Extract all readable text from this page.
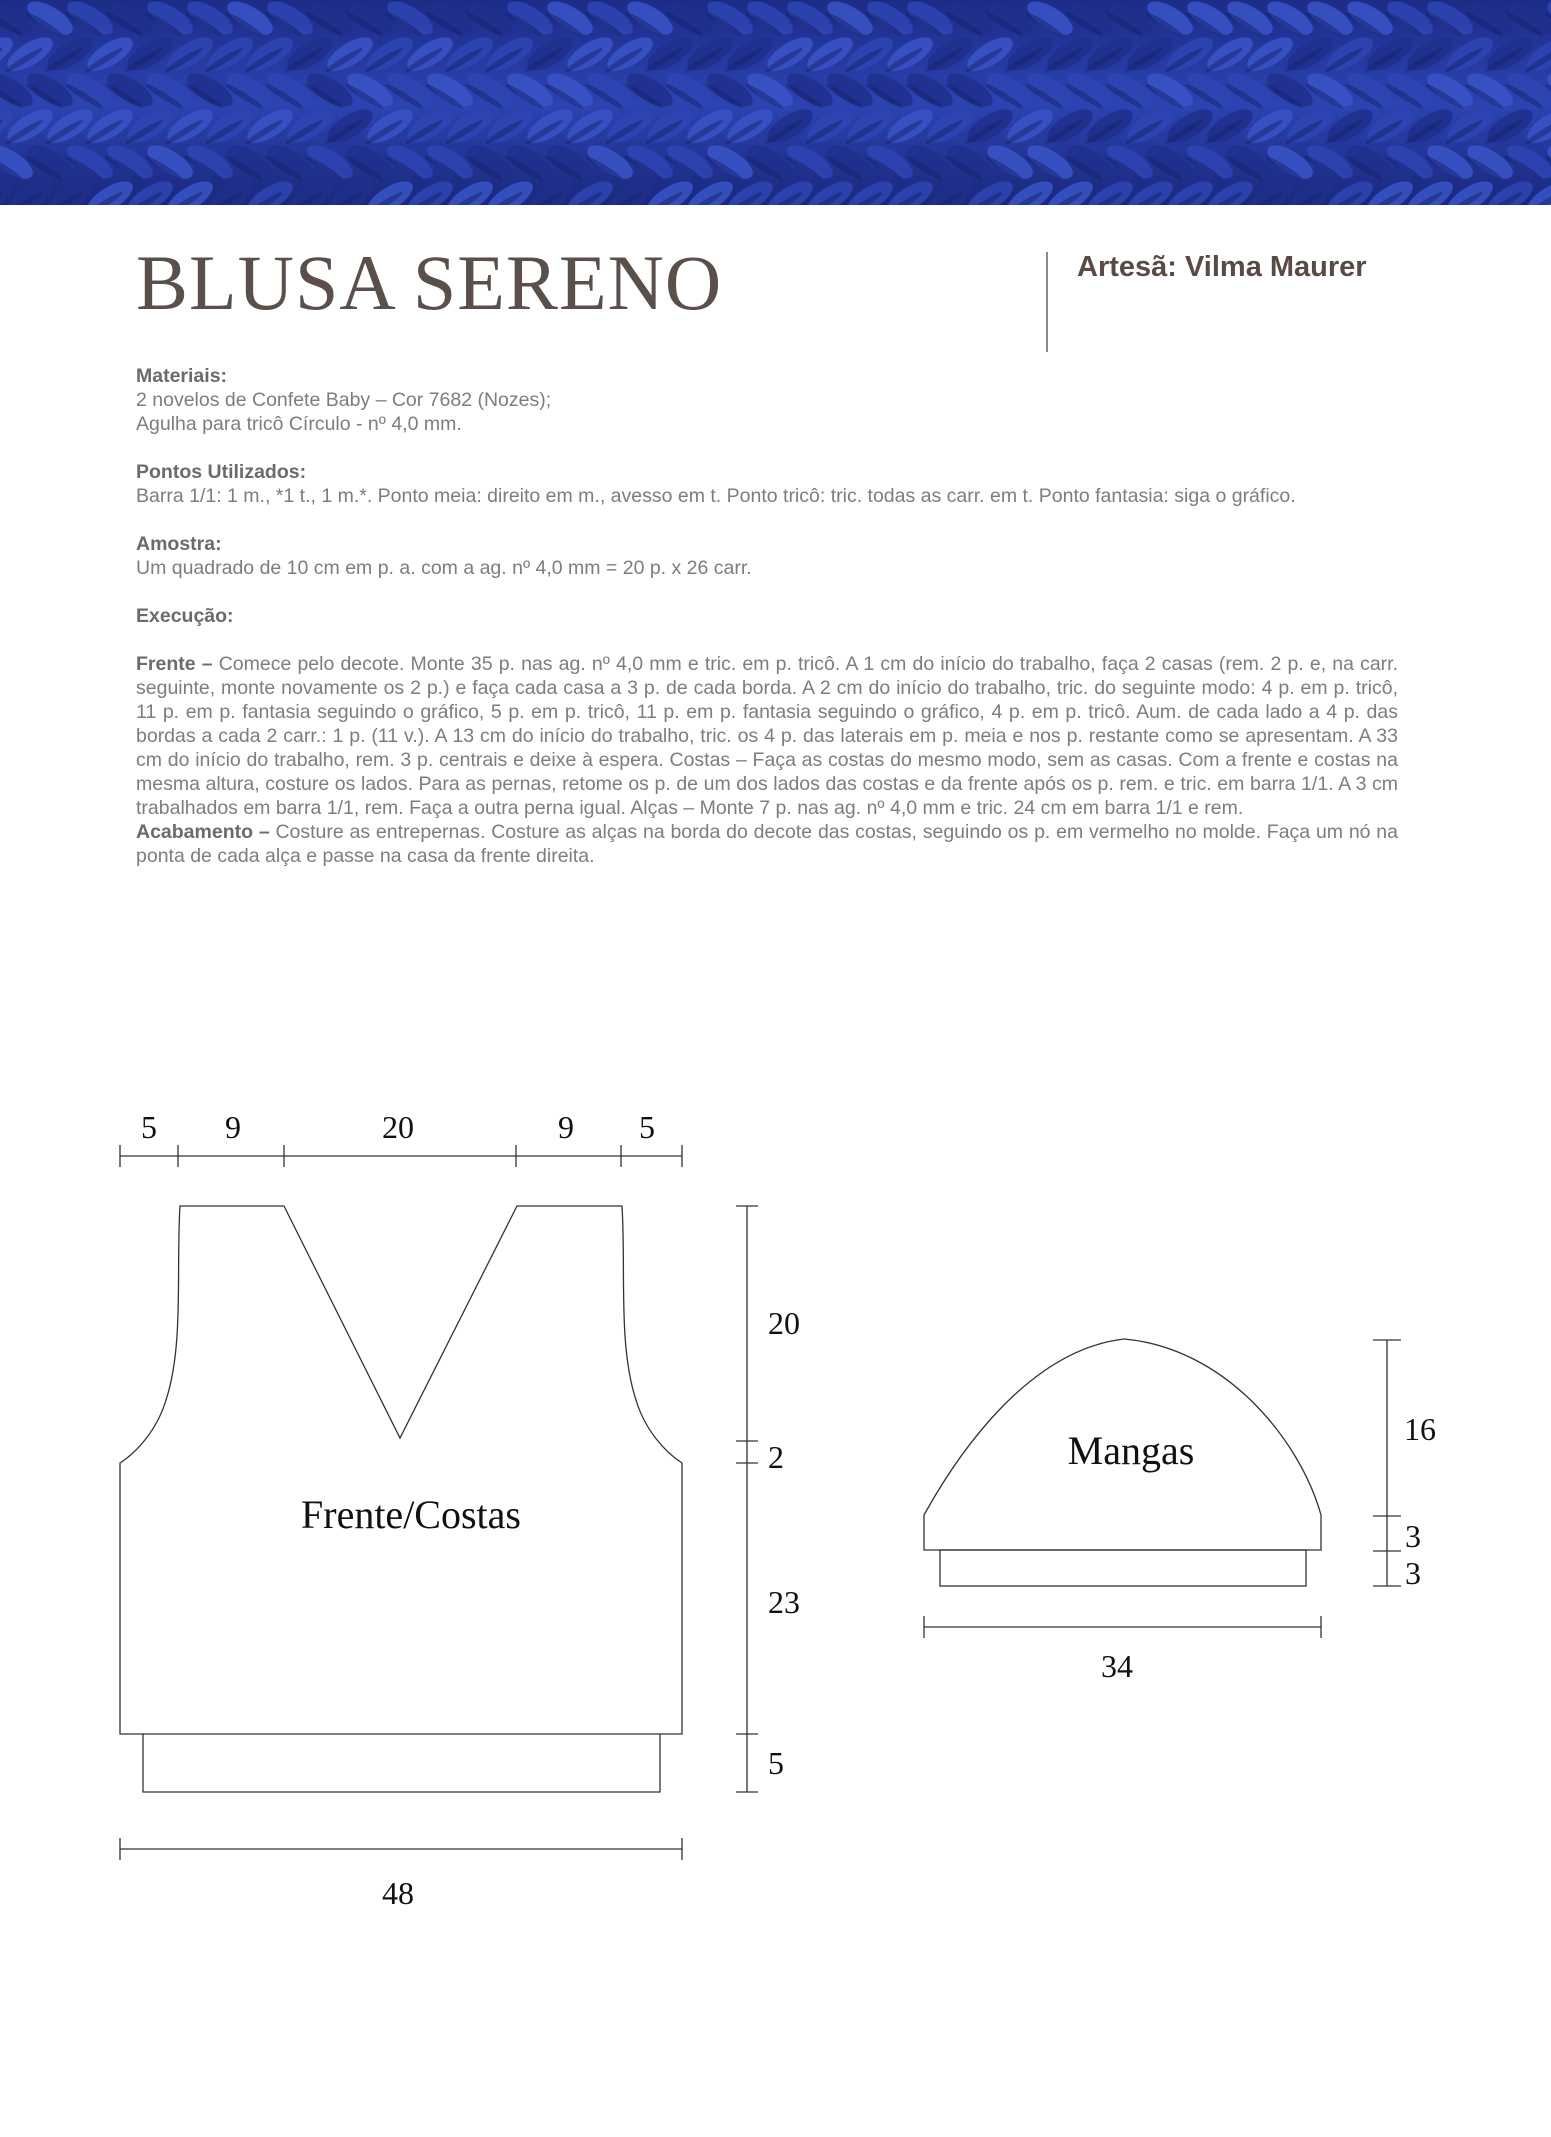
BLUSA SERENO	Artesã: Vilma Maurer
Materiais:
2 novelos de Confete Baby – Cor 7682 (Nozes);
Agulha para tricô Círculo - nº 4,0 mm.
Pontos Utilizados:
Barra 1/1: 1 m., *1 t., 1 m.*. Ponto meia: direito em m., avesso em t. Ponto tricô: tric. todas as carr. em t. Ponto fantasia: siga o gráfico.
Amostra:
Um quadrado de 10 cm em p. a. com a ag. nº 4,0 mm = 20 p. x 26 carr.
Execução:

Frente – Comece pelo decote. Monte 35 p. nas ag. nº 4,0 mm e tric. em p. tricô. A 1 cm do início do trabalho, faça 2 casas (rem. 2 p. e, na carr. seguinte, monte novamente os 2 p.) e faça cada casa a 3 p. de cada borda. A 2 cm do início do trabalho, tric. do seguinte modo: 4 p. em p. tricô, 11 p. em p. fantasia seguindo o gráfico, 5 p. em p. tricô, 11 p. em p. fantasia seguindo o gráfico, 4 p. em p. tricô. Aum. de cada lado a 4 p. das bordas a cada 2 carr.: 1 p. (11 v.). A 13 cm do início do trabalho, tric. os 4 p. das laterais em p. meia e nos p. restante como se apresentam. A 33 cm do início do trabalho, rem. 3 p. centrais e deixe à espera. Costas – Faça as costas do mesmo modo, sem as casas. Com a frente e costas na mesma altura, costure os lados. Para as pernas, retome os p. de um dos lados das costas e da frente após os p. rem. e tric. em barra 1/1. A 3 cm trabalhados em barra 1/1, rem. Faça a outra perna igual. Alças – Monte 7 p. nas ag. nº 4,0 mm e tric. 24 cm em barra 1/1 e rem.

Acabamento – Costure as entrepernas. Costure as alças na borda do decote das costas, seguindo os p. em vermelho no molde. Faça um nó na ponta de cada alça e passe na casa da frente direita.

5 9	20	9 5
Frente/Costas
20
2
23
5
48
Mangas	16
3
3
34
